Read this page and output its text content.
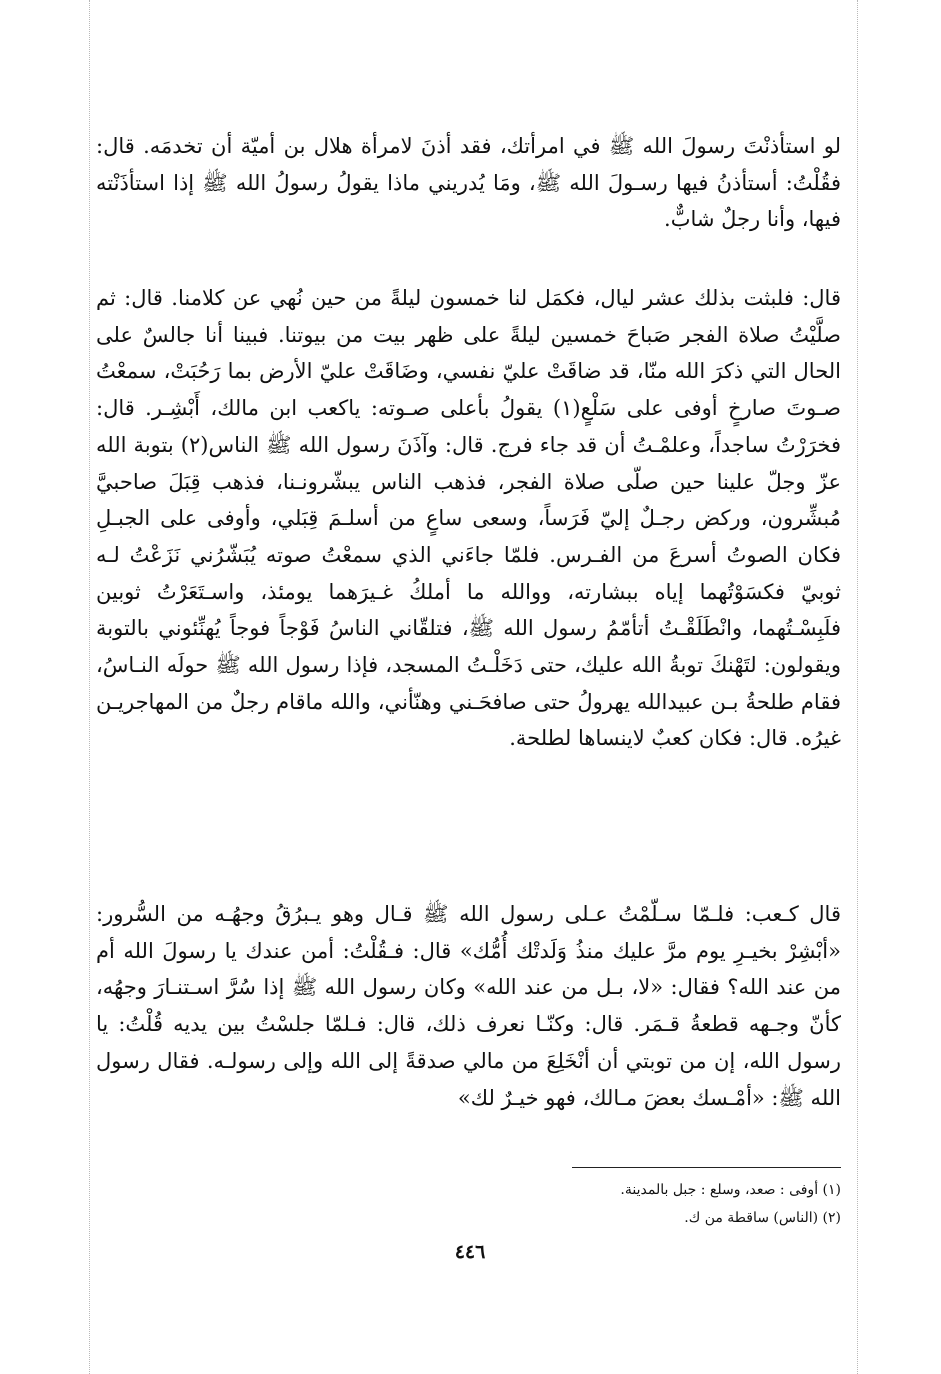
لو استأذنْتَ رسولَ الله ﷺ في امرأتك، فقد أذنَ لامرأة هلال بن أميّة أن تخدمَه. قال: فقُلْتُ: أستأذنُ فيها رسـولَ الله ﷺ، ومَا يُدريني ماذا يقولُ رسولُ الله ﷺ إذا استأذَنْته فيها، وأنا رجلٌ شابٌّ.

قال: فلبثت بذلك عشر ليال، فكمَل لنا خمسون ليلةً من حين نُهي عن كلامنا. قال: ثم صلَّيْتُ صلاة الفجر صَباحَ خمسين ليلةً على ظهر بيت من بيوتنا. فبينا أنا جالسٌ على الحال التي ذكرَ الله منّا، قد ضاقَتْ عليّ نفسي، وضَاقَتْ عليّ الأرض بما رَحُبَتْ، سمعْتُ صـوتَ صارخٍ أوفى على سَلْعٍ(١) يقولُ بأعلى صـوته: ياكعب ابن مالك، أَبْشِـر. قال: فخرَرْتُ ساجداً، وعلمْـتُ أن قد جاء فرج. قال: وآذَنَ رسول الله ﷺ الناس(٢) بتوبة الله عزّ وجلّ علينا حين صلّى صلاة الفجر، فذهب الناس يبشّرونـنا، فذهب قِبَلَ صاحبيَّ مُبشِّرون، وركض رجـلٌ إليّ فَرَساً، وسعى ساعٍ من أسلـمَ قِبَلي، وأوفى على الجبـلِ فكان الصوتُ أسرعَ من الفـرس. فلمّا جاءَني الذي سمعْتُ صوته يُبَشّرُني نَزَعْتُ لـه ثوبيّ فكسَوْتُهما إياه ببشارته، ووالله ما أملكُ غـيرَهما يومئذ، واسـتَعَرْتُ ثوبين فلَبِسْـتُهما، وانْطَلَقْـتُ أتأمّمُ رسول الله ﷺ، فتلقّاني الناسُ فَوْجاً فوجاً يُهنِّئوني بالتوبة ويقولون: لتَهْنكَ توبةُ الله عليك، حتى دَخَلْـتُ المسجد، فإذا رسول الله ﷺ حولَه النـاسُ، فقام طلحةُ بـن عبيدالله يهرولُ حتى صافحَـني وهنّأني، والله ماقام رجلٌ من المهاجريـن غيرُه. قال: فكان كعبٌ لاينساها لطلحة.

قال كـعب: فلـمّا سـلّمْتُ عـلى رسول الله ﷺ قـال وهو يـبرُقُ وجهُـه من السُّرور: «أبْشِرْ بخيـرِ يوم مرَّ عليك منذُ وَلَدتْك أُمُّك» قال: فـقُلْتُ: أمن عندك يا رسولَ الله أم من عند الله؟ فقال: «لا، بـل من عند الله» وكان رسول الله ﷺ إذا سُرَّ اسـتنـارَ وجهُه، كأنّ وجـهه قطعةُ قـمَر. قال: وكنّـا نعرف ذلك، قال: فـلمّا جلسْتُ بين يديه قُلْتُ: يا رسول الله، إن من توبتي أن أنْخَلِعَ من مالي صدقةً إلى الله وإلى رسولـه. فقال رسول الله ﷺ: «أمْـسك بعضَ مـالك، فهو خيـرٌ لك»

(١) أوفى : صعد، وسلع : جبل بالمدينة.
(٢) (الناس) ساقطة من ك.
٤٤٦
